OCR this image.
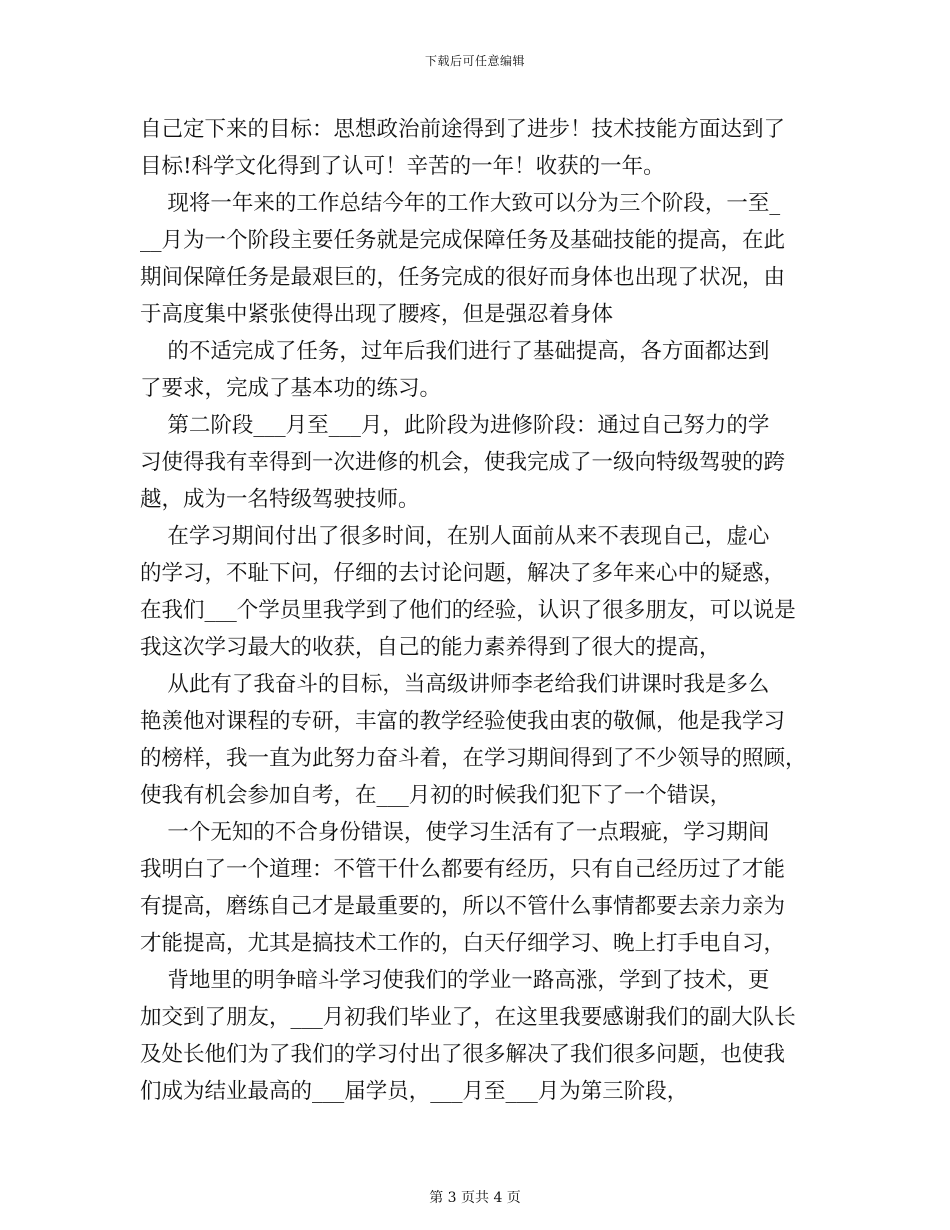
下载后可任意编辑
自己定下来的目标：思想政治前途得到了进步！技术技能方面达到了
目标!科学文化得到了认可！辛苦的一年！收获的一年。
现将一年来的工作总结今年的工作大致可以分为三个阶段，一至_
__月为一个阶段主要任务就是完成保障任务及基础技能的提高，在此
期间保障任务是最艰巨的，任务完成的很好而身体也出现了状况，由
于高度集中紧张使得出现了腰疼，但是强忍着身体
的不适完成了任务，过年后我们进行了基础提高，各方面都达到
了要求，完成了基本功的练习。
第二阶段___月至___月，此阶段为进修阶段：通过自己努力的学
习使得我有幸得到一次进修的机会，使我完成了一级向特级驾驶的跨
越，成为一名特级驾驶技师。
在学习期间付出了很多时间，在别人面前从来不表现自己，虚心
的学习，不耻下问，仔细的去讨论问题，解决了多年来心中的疑惑，
在我们___个学员里我学到了他们的经验，认识了很多朋友，可以说是
我这次学习最大的收获，自己的能力素养得到了很大的提高，
从此有了我奋斗的目标，当高级讲师李老给我们讲课时我是多么
艳羡他对课程的专研，丰富的教学经验使我由衷的敬佩，他是我学习
的榜样，我一直为此努力奋斗着，在学习期间得到了不少领导的照顾，
使我有机会参加自考，在___月初的时候我们犯下了一个错误，
一个无知的不合身份错误，使学习生活有了一点瑕疵，学习期间
我明白了一个道理：不管干什么都要有经历，只有自己经历过了才能
有提高，磨练自己才是最重要的，所以不管什么事情都要去亲力亲为
才能提高，尤其是搞技术工作的，白天仔细学习、晚上打手电自习，
背地里的明争暗斗学习使我们的学业一路高涨，学到了技术，更
加交到了朋友，___月初我们毕业了，在这里我要感谢我们的副大队长
及处长他们为了我们的学习付出了很多解决了我们很多问题，也使我
们成为结业最高的___届学员，___月至___月为第三阶段，
第 3 页共 4 页
